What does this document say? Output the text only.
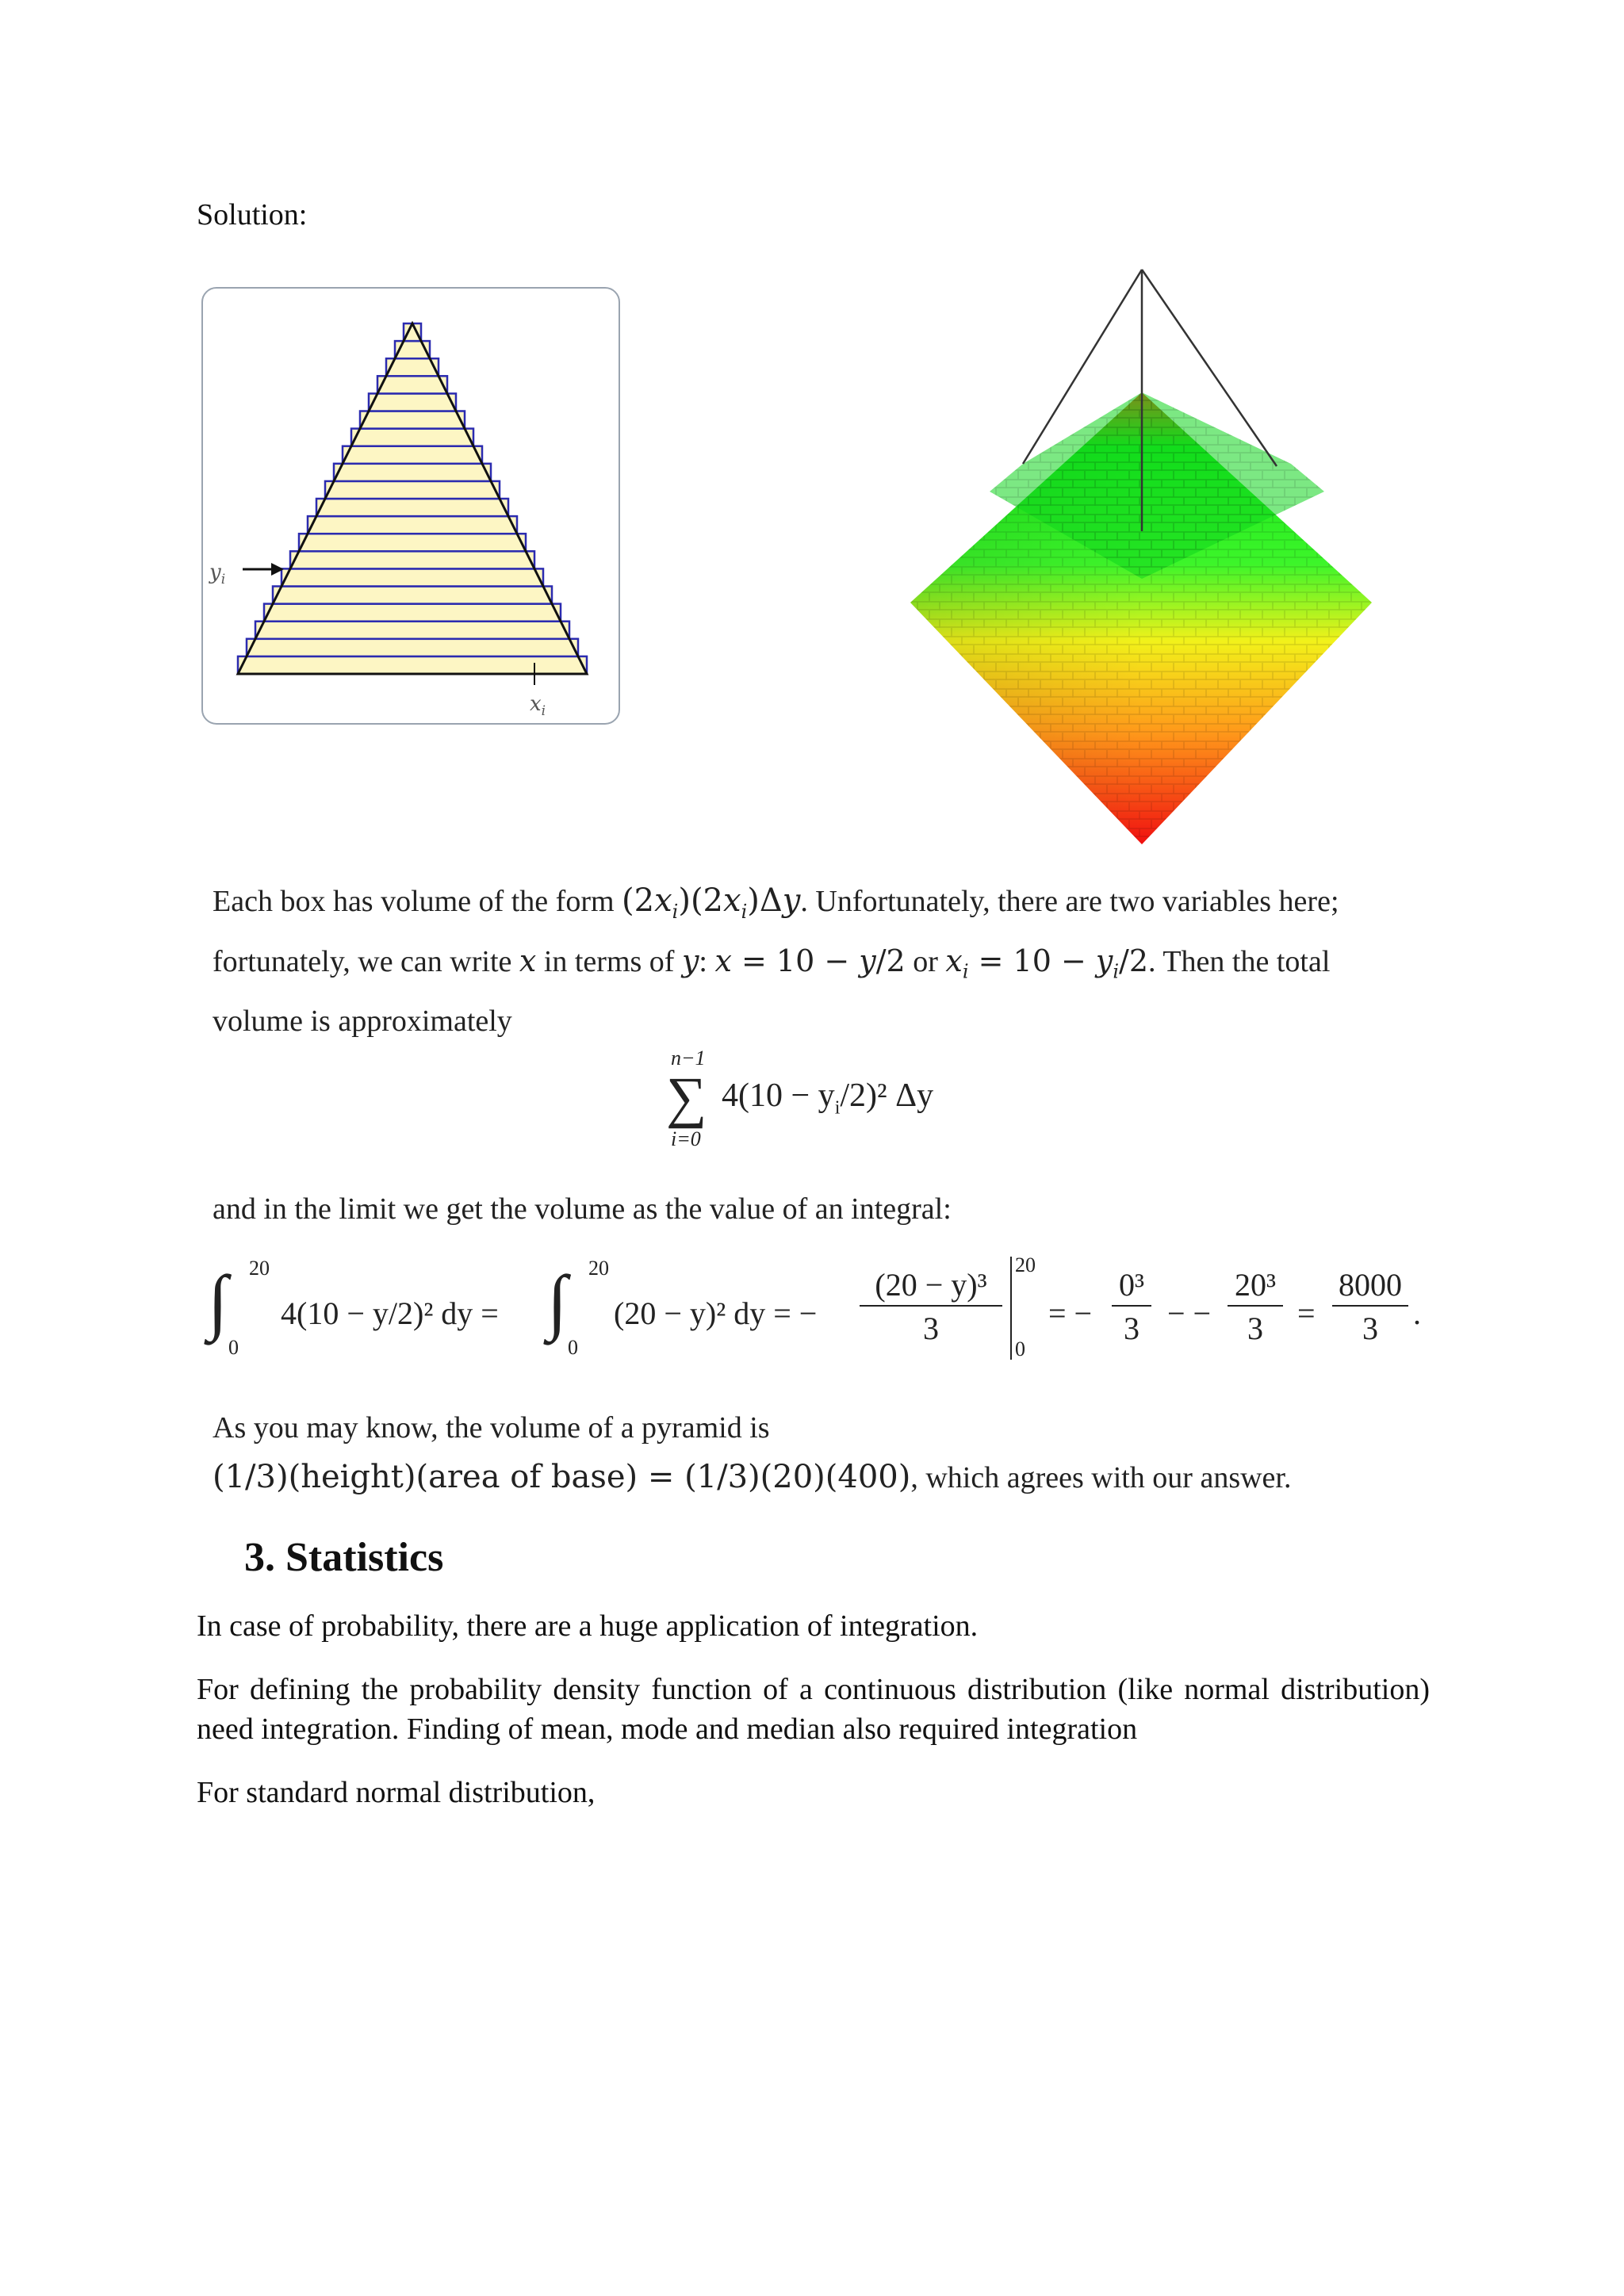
Solution:
$y_i$
$x_i$
Each box has volume of the form $(2x_i)(2x_i)\Delta y$. Unfortunately, there are two variables here;
fortunately, we can write x in terms of y: x = 10 − y/2 or $x_i = 10 - y_i/2$. Then the total
volume is approximately
n−1
∑
i=0
$4(10 - y_i/2)^2$ Δy
and in the limit we get the volume as the value of an integral:
∫ 20
0
4(10 − y/2)² dy = ∫ 20
0
(20 − y)² dy = −
(20 − y)³
3
20
0
= −
0³
3 − −
20³
3	=
8000
3	.
As you may know, the volume of a pyramid is
(1/3)(height)(area of base) = (1/3)(20)(400), which agrees with our answer.
3. Statistics
In case of probability, there are a huge application of integration.
For defining the probability density function of a continuous distribution (like normal distribution) need integration. Finding of mean, mode and median also required integration
For standard normal distribution,
